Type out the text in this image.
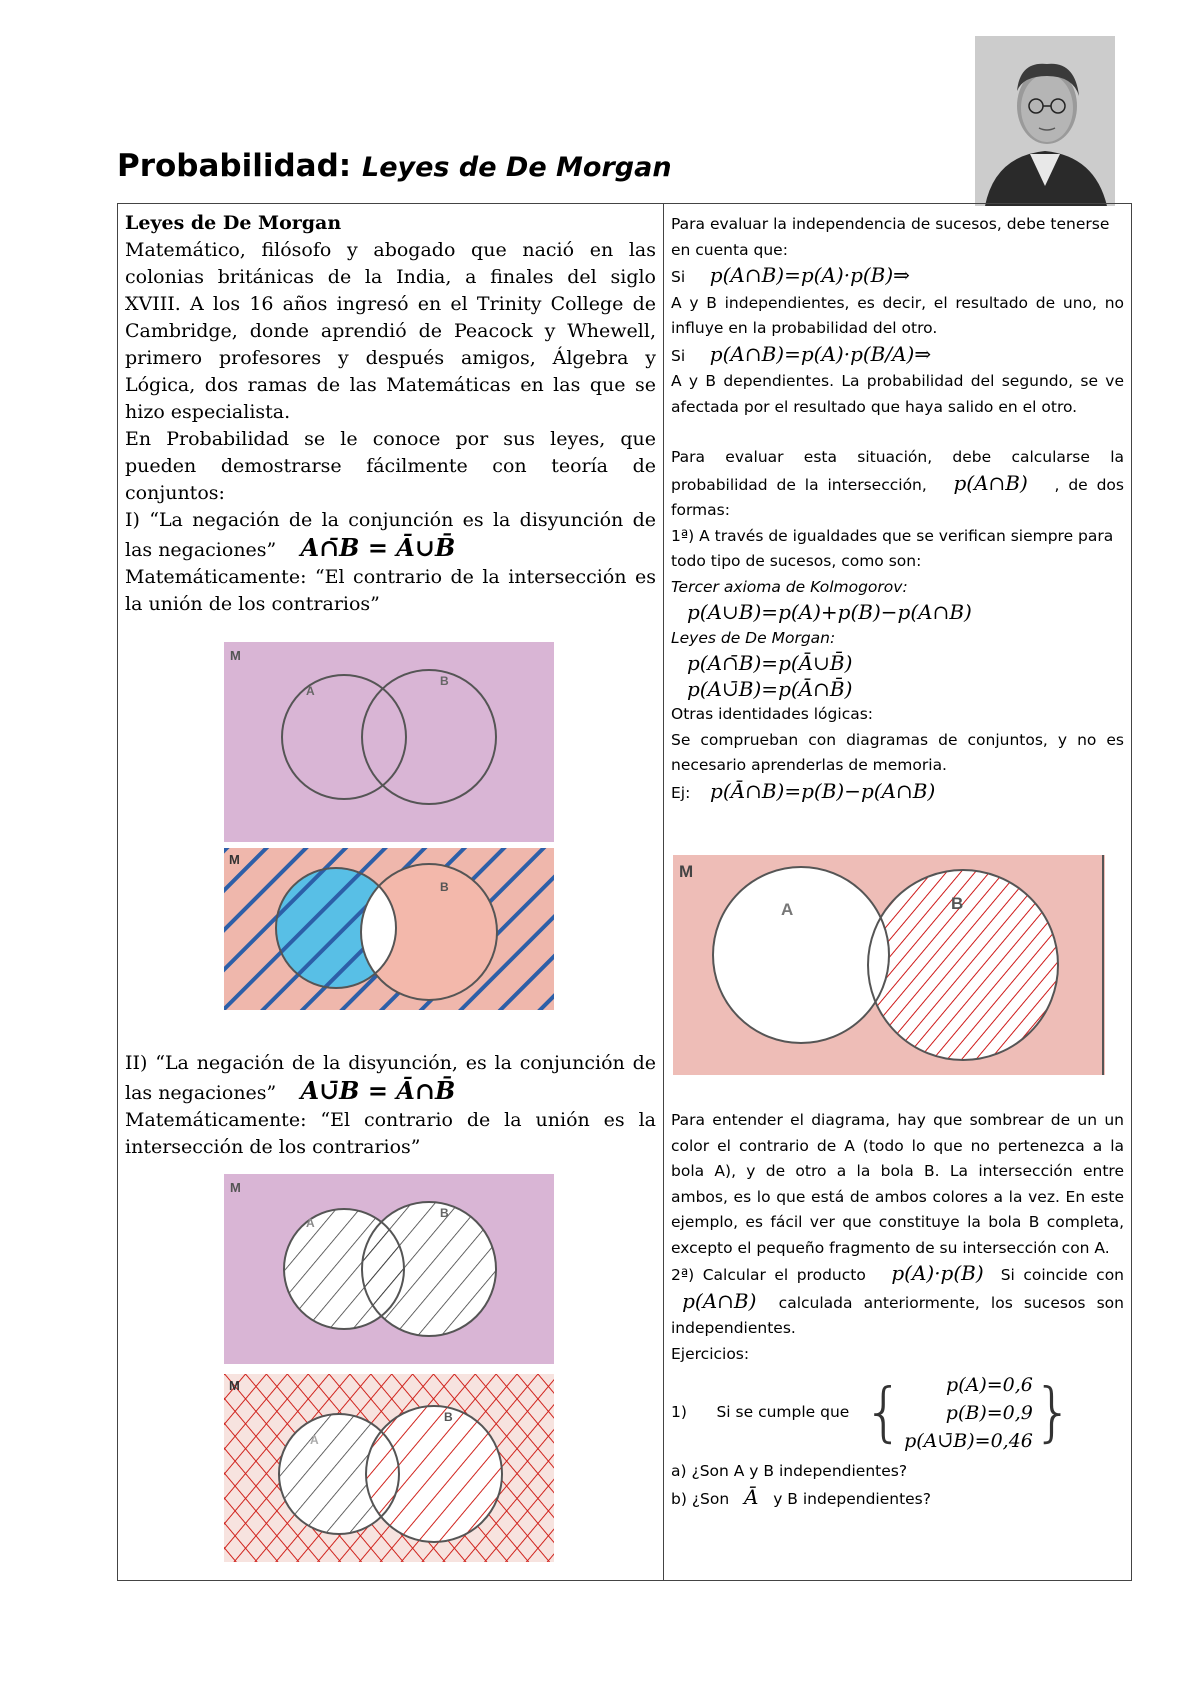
Probabilidad: Leyes de De Morgan
Leyes de De Morgan
Matemático, filósofo y abogado que nació en las colonias británicas de la India, a finales del siglo XVIII. A los 16 años ingresó en el Trinity College de Cambridge, donde aprendió de Peacock y Whewell, primero profesores y después amigos, Álgebra y Lógica, dos ramas de las Matemáticas en las que se hizo especialista.
En Probabilidad se le conoce por sus leyes, que pueden demostrarse fácilmente con teoría de conjuntos:
I) “La negación de la conjunción es la disyunción de las negaciones” A∩̄B = Ā∪B̄
Matemáticamente: “El contrario de la intersección es la unión de los contrarios”
M
A
B
M
B
II) “La negación de la disyunción, es la conjunción de las negaciones” A∪̄B = Ā∩B̄
Matemáticamente: “El contrario de la unión es la intersección de los contrarios”
M
A
B
M
A
B
Para evaluar la independencia de sucesos, debe tenerse en cuenta que:
Si p(A∩B)=p(A)·p(B)⇒
A y B independientes, es decir, el resultado de uno, no influye en la probabilidad del otro.
Si p(A∩B)=p(A)·p(B/A)⇒
A y B dependientes. La probabilidad del segundo, se ve afectada por el resultado que haya salido en el otro.
Para evaluar esta situación, debe calcularse la probabilidad de la intersección, p(A∩B) , de dos formas:
1ª) A través de igualdades que se verifican siempre para todo tipo de sucesos, como son:
Tercer axioma de Kolmogorov:
p(A∪B)=p(A)+p(B)−p(A∩B)
Leyes de De Morgan:
p(A∩̄B)=p(Ā∪B̄)
p(A∪̄B)=p(Ā∩B̄)
Otras identidades lógicas:
Se comprueban con diagramas de conjuntos, y no es necesario aprenderlas de memoria.
Ej: p(Ā∩B)=p(B)−p(A∩B)
M
A	B
Para entender el diagrama, hay que sombrear de un un color el contrario de A (todo lo que no pertenezca a la bola A), y de otro a la bola B. La intersección entre ambos, es lo que está de ambos colores a la vez. En este ejemplo, es fácil ver que constituye la bola B completa, excepto el pequeño fragmento de su intersección con A.
2ª) Calcular el producto p(A)·p(B) Si coincide con  p(A∩B) calculada anteriormente, los sucesos son independientes.
Ejercicios:
1)      Si se cumple que {	p(A)=0,6
p(B)=0,9
p(A∪̄B)=0,46 }
a) ¿Son A y B independientes?
b) ¿Son Ā y B independientes?
